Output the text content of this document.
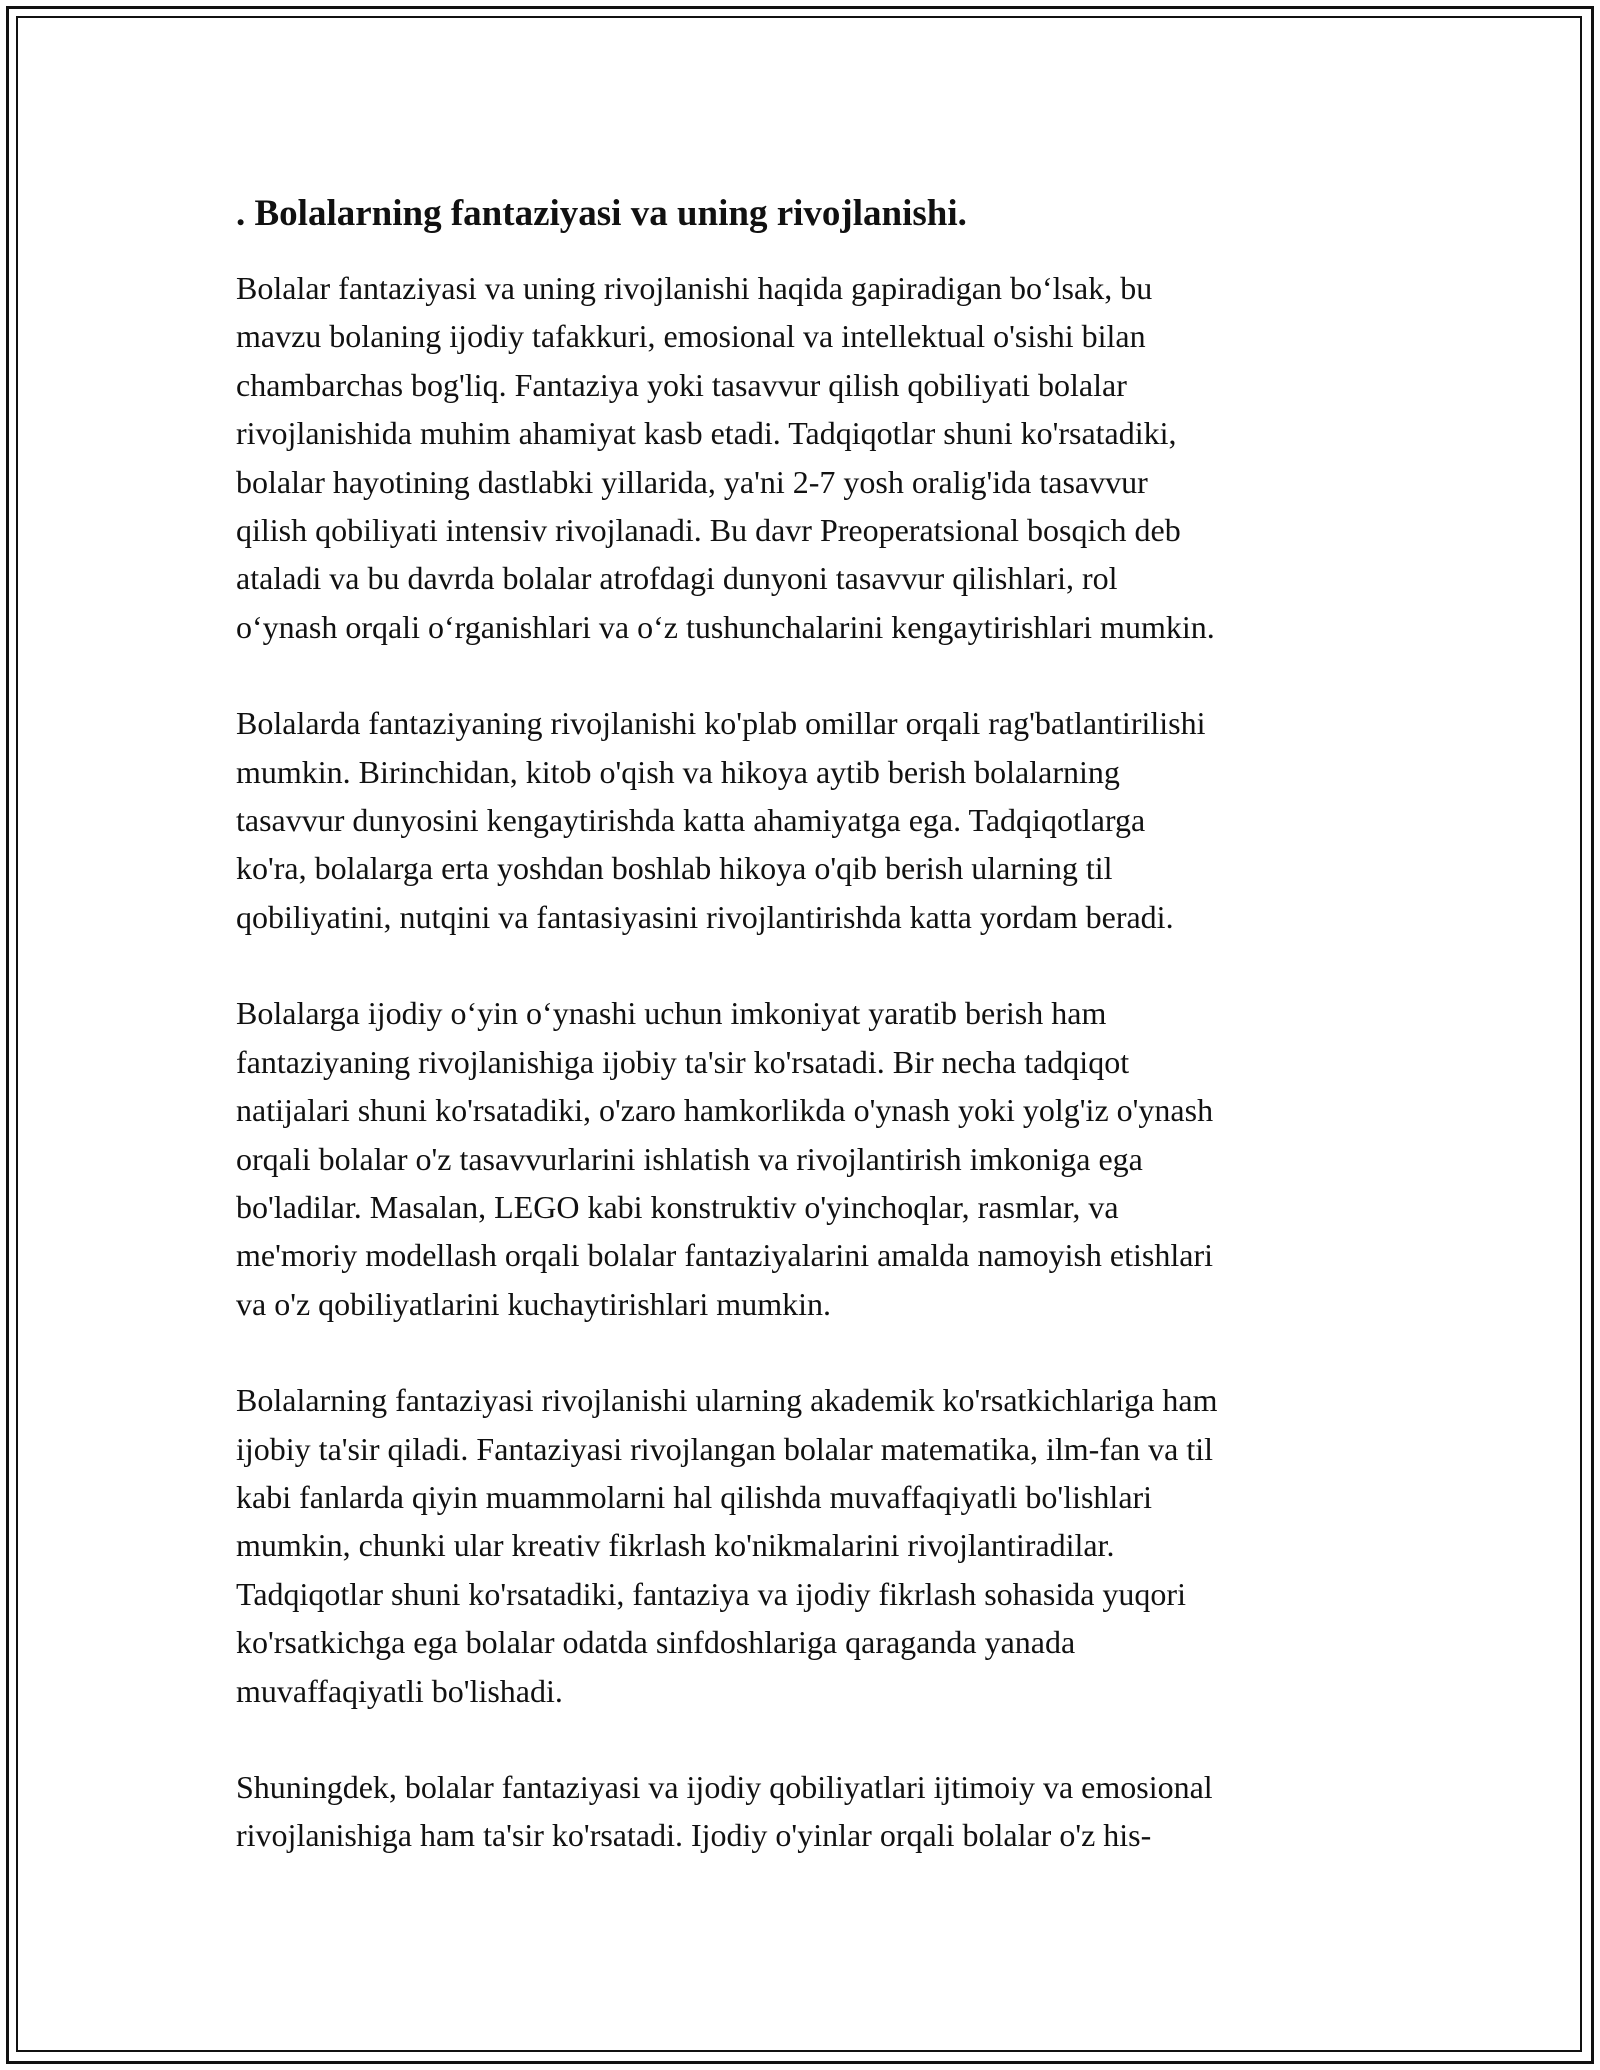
. Bolalarning fantaziyasi va uning rivojlanishi.

Bolalar fantaziyasi va uning rivojlanishi haqida gapiradigan bo‘lsak, bu
mavzu bolaning ijodiy tafakkuri, emosional va intellektual o'sishi bilan
chambarchas bog'liq. Fantaziya yoki tasavvur qilish qobiliyati bolalar
rivojlanishida muhim ahamiyat kasb etadi. Tadqiqotlar shuni ko'rsatadiki,
bolalar hayotining dastlabki yillarida, ya'ni 2-7 yosh oralig'ida tasavvur
qilish qobiliyati intensiv rivojlanadi. Bu davr Preoperatsional bosqich deb
ataladi va bu davrda bolalar atrofdagi dunyoni tasavvur qilishlari, rol
o‘ynash orqali o‘rganishlari va o‘z tushunchalarini kengaytirishlari mumkin.

Bolalarda fantaziyaning rivojlanishi ko'plab omillar orqali rag'batlantirilishi
mumkin. Birinchidan, kitob o'qish va hikoya aytib berish bolalarning
tasavvur dunyosini kengaytirishda katta ahamiyatga ega. Tadqiqotlarga
ko'ra, bolalarga erta yoshdan boshlab hikoya o'qib berish ularning til
qobiliyatini, nutqini va fantasiyasini rivojlantirishda katta yordam beradi.

Bolalarga ijodiy o‘yin o‘ynashi uchun imkoniyat yaratib berish ham
fantaziyaning rivojlanishiga ijobiy ta'sir ko'rsatadi. Bir necha tadqiqot
natijalari shuni ko'rsatadiki, o'zaro hamkorlikda o'ynash yoki yolg'iz o'ynash
orqali bolalar o'z tasavvurlarini ishlatish va rivojlantirish imkoniga ega
bo'ladilar. Masalan, LEGO kabi konstruktiv o'yinchoqlar, rasmlar, va
me'moriy modellash orqali bolalar fantaziyalarini amalda namoyish etishlari
va o'z qobiliyatlarini kuchaytirishlari mumkin.

Bolalarning fantaziyasi rivojlanishi ularning akademik ko'rsatkichlariga ham
ijobiy ta'sir qiladi. Fantaziyasi rivojlangan bolalar matematika, ilm-fan va til
kabi fanlarda qiyin muammolarni hal qilishda muvaffaqiyatli bo'lishlari
mumkin, chunki ular kreativ fikrlash ko'nikmalarini rivojlantiradilar.
Tadqiqotlar shuni ko'rsatadiki, fantaziya va ijodiy fikrlash sohasida yuqori
ko'rsatkichga ega bolalar odatda sinfdoshlariga qaraganda yanada
muvaffaqiyatli bo'lishadi.

Shuningdek, bolalar fantaziyasi va ijodiy qobiliyatlari ijtimoiy va emosional
rivojlanishiga ham ta'sir ko'rsatadi. Ijodiy o'yinlar orqali bolalar o'z his-
